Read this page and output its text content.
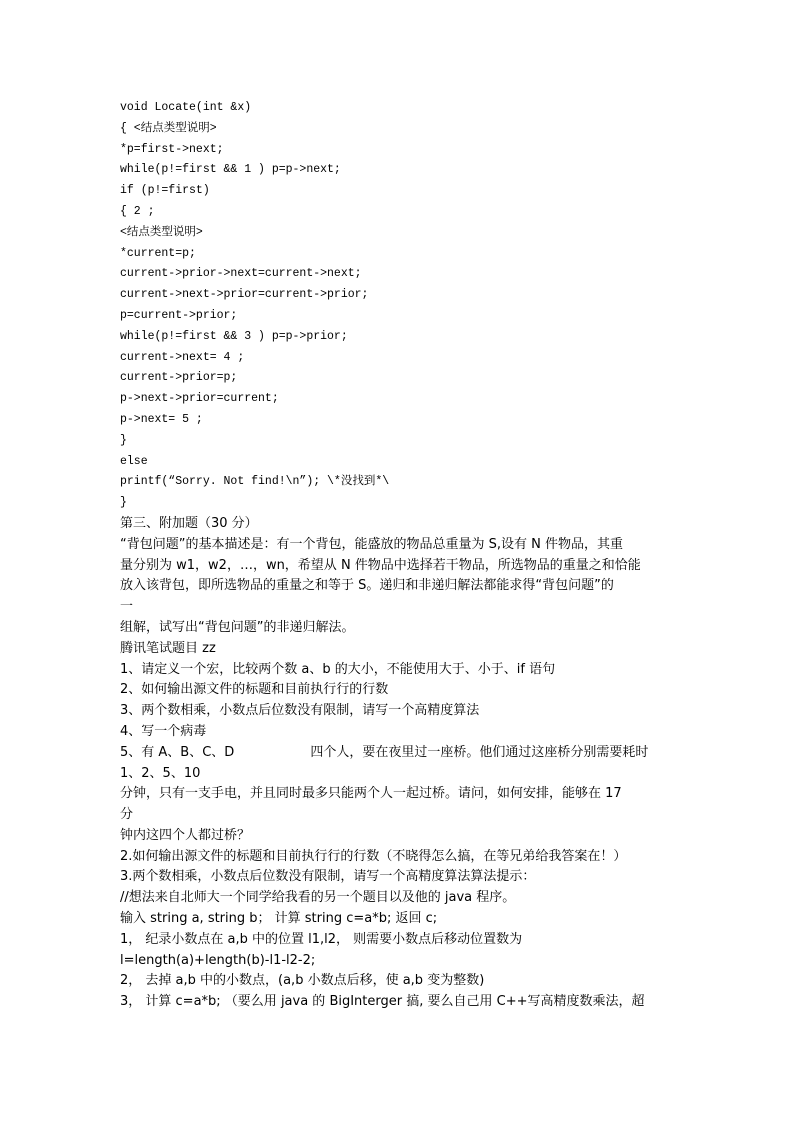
void Locate(int &x)
{ <结点类型说明>
*p=first->next;
while(p!=first && 1 ) p=p->next;
if (p!=first)
{ 2 ;
<结点类型说明>
*current=p;
current->prior->next=current->next;
current->next->prior=current->prior;
p=current->prior;
while(p!=first && 3 ) p=p->prior;
current->next= 4 ;
current->prior=p;
p->next->prior=current;
p->next= 5 ;
}
else
printf(“Sorry. Not find!\n”); \*没找到*\
}
第三、附加题（30 分）
“背包问题”的基本描述是：有一个背包，能盛放的物品总重量为 S,设有 N 件物品，其重
量分别为 w1，w2，…，wn，希望从 N 件物品中选择若干物品，所选物品的重量之和恰能
放入该背包，即所选物品的重量之和等于 S。递归和非递归解法都能求得“背包问题”的
一
组解，试写出“背包问题”的非递归解法。
腾讯笔试题目 zz
1、请定义一个宏，比较两个数 a、b 的大小，不能使用大于、小于、if 语句
2、如何输出源文件的标题和目前执行行的行数
3、两个数相乘，小数点后位数没有限制，请写一个高精度算法
4、写一个病毒
5、有 A、B、C、D	四个人，要在夜里过一座桥。他们通过这座桥分别需要耗时
1、2、5、10
分钟，只有一支手电，并且同时最多只能两个人一起过桥。请问，如何安排，能够在 17
分
钟内这四个人都过桥？
2.如何输出源文件的标题和目前执行行的行数（不晓得怎么搞，在等兄弟给我答案在！）
3.两个数相乘，小数点后位数没有限制，请写一个高精度算法算法提示：
//想法来自北师大一个同学给我看的另一个题目以及他的 java 程序。
输入 string a, string b； 计算 string c=a*b; 返回 c;
1， 纪录小数点在 a,b 中的位置 l1,l2， 则需要小数点后移动位置数为
l=length(a)+length(b)-l1-l2-2;
2， 去掉 a,b 中的小数点，(a,b 小数点后移，使 a,b 变为整数)
3， 计算 c=a*b; （要么用 java 的 BigInterger 搞, 要么自己用 C++写高精度数乘法，超
